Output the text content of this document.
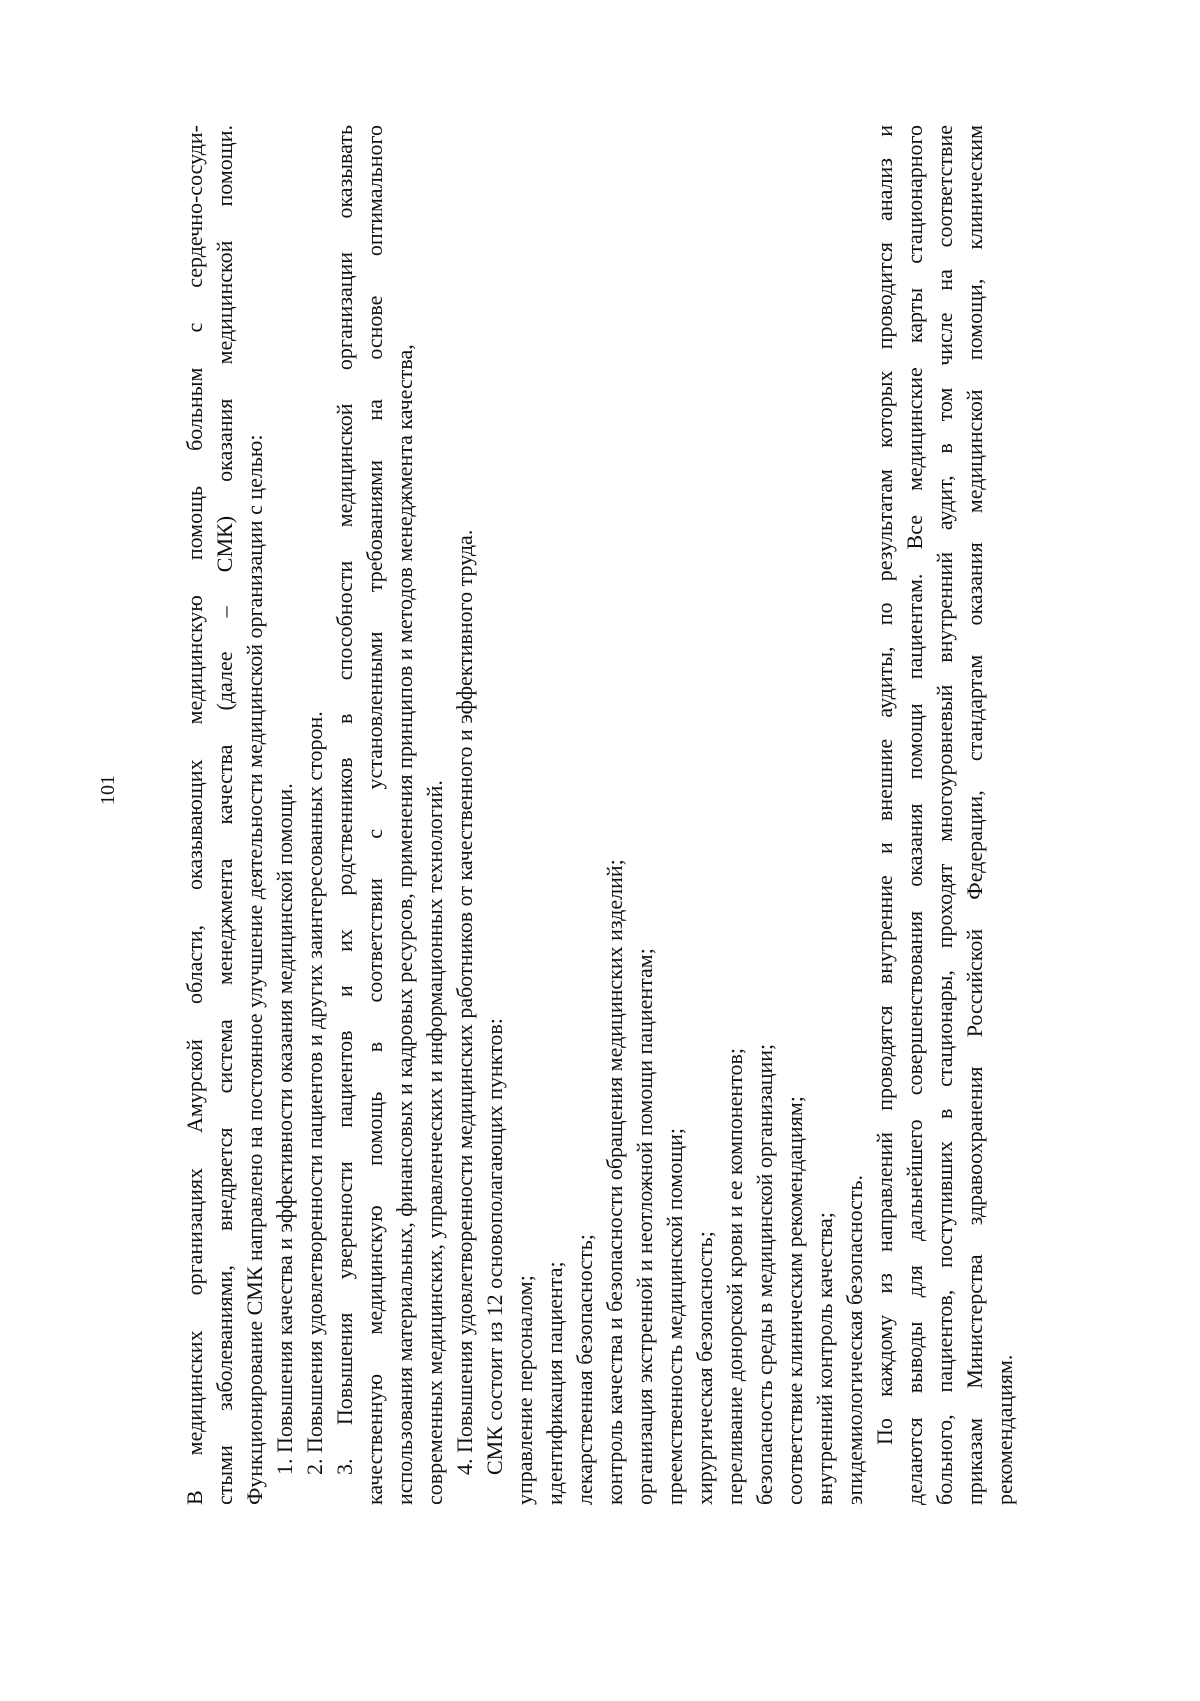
101	В медицинских организациях Амурской области, оказывающих медицинскую помощь больным с сердечно-сосуди- стыми заболеваниями, внедряется система менеджмента качества (далее – СМК) оказания медицинской помощи. Функционирование СМК направлено на постоянное улучшение деятельности медицинской организации с целью: 1. Повышения качества и эффективности оказания медицинской помощи. 2. Повышения удовлетворенности пациентов и других заинтересованных сторон. 3. Повышения уверенности пациентов и их родственников в способности медицинской организации оказывать качественную медицинскую помощь в соответствии с установленными требованиями на основе оптимального использования материальных, финансовых и кадровых ресурсов, применения принципов и методов менеджмента качества, современных медицинских, управленческих и информационных технологий. 4. Повышения удовлетворенности медицинских работников от качественного и эффективного труда. СМК состоит из 12 основополагающих пунктов: управление персоналом; идентификация пациента; лекарственная безопасность; контроль качества и безопасности обращения медицинских изделий; организация экстренной и неотложной помощи пациентам; преемственность медицинской помощи; хирургическая безопасность; переливание донорской крови и ее компонентов; безопасность среды в медицинской организации; соответствие клиническим рекомендациям; внутренний контроль качества; эпидемиологическая безопасность. По каждому из направлений проводятся внутренние и внешние аудиты, по результатам которых проводится анализ и делаются выводы для дальнейшего совершенствования оказания помощи пациентам. Все медицинские карты стационарного больного, пациентов, поступивших в стационары, проходят многоуровневый внутренний аудит, в том числе на соответствие приказам Министерства здравоохранения Российской Федерации, стандартам оказания медицинской помощи, клиническим рекомендациям.
